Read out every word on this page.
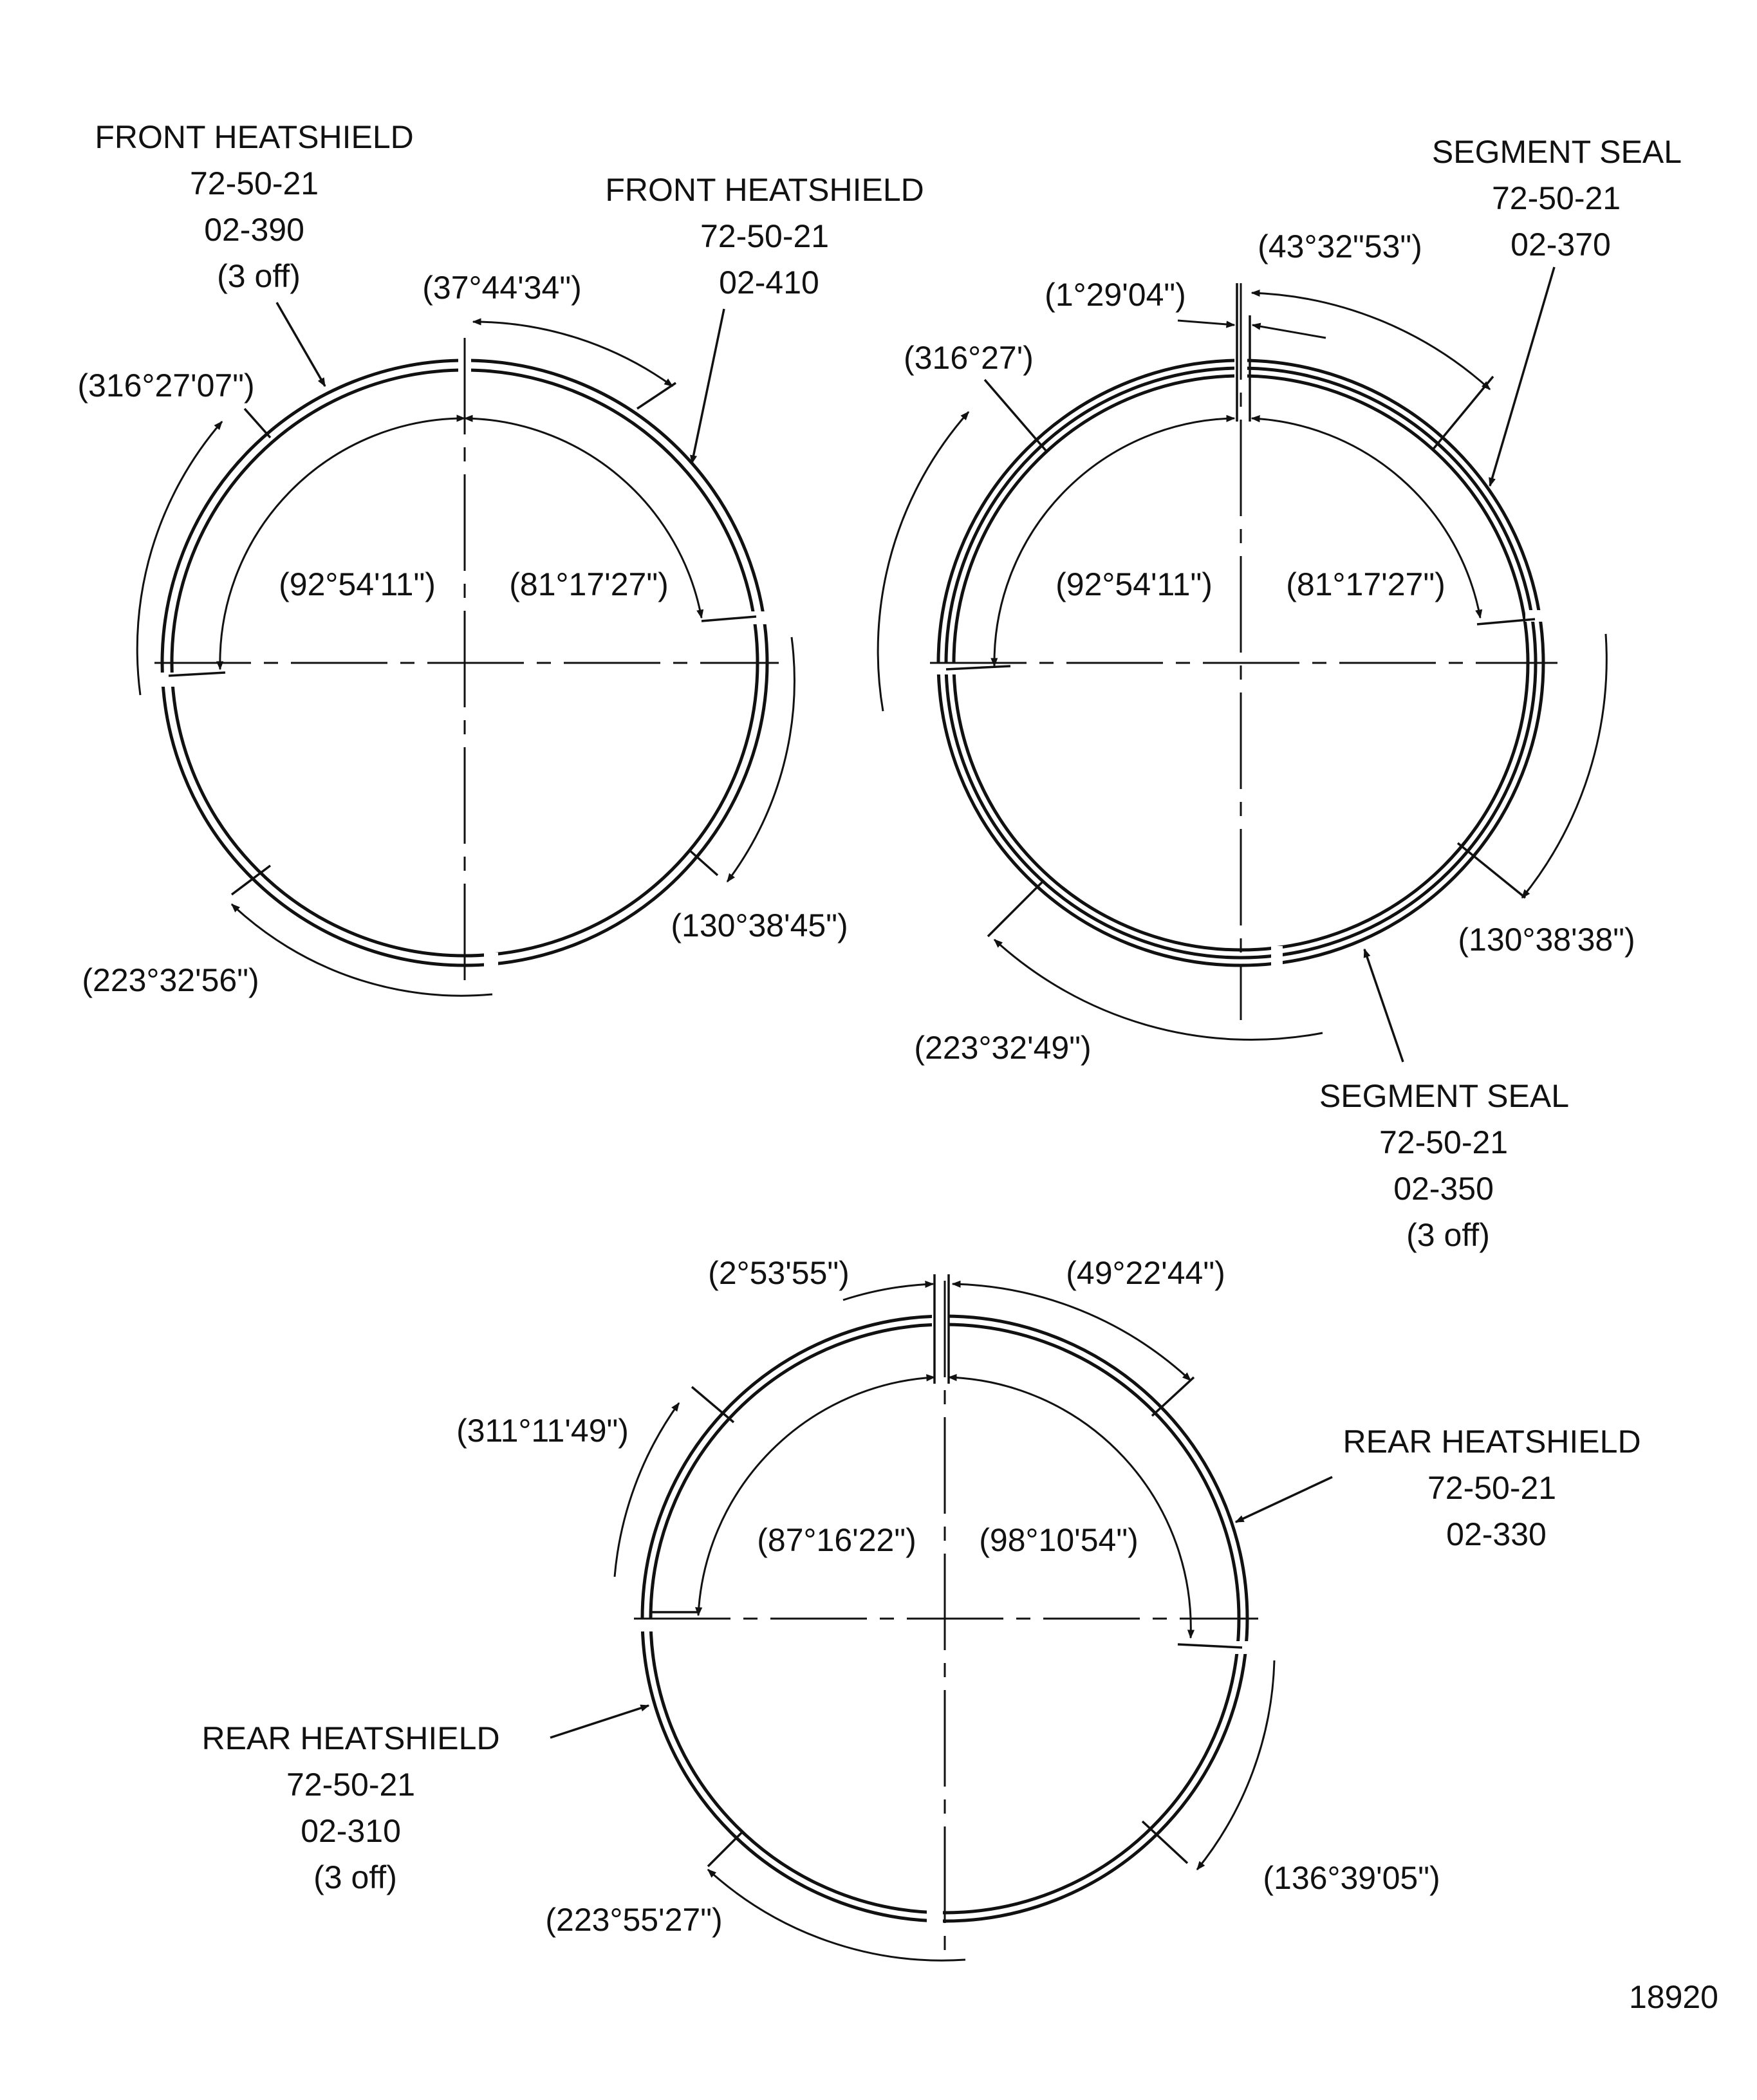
FRONT HEATSHIELD 72-50-21 02-390 (3 off)
FRONT HEATSHIELD 72-50-21 02-410
(37°44'34")
(316°27'07")
(92°54'11") (81°17'27")
(130°38'45")
(223°32'56")
SEGMENT SEAL 72-50-21 02-370
SEGMENT SEAL 72-50-21 02-350 (3 off)
(43°32"53")
(1°29'04")
(316°27')
(92°54'11") (81°17'27")
(130°38'38")
(223°32'49")
REAR HEATSHIELD 72-50-21 02-330
REAR HEATSHIELD 72-50-21 02-310 (3 off)
(2°53'55")	(49°22'44")
(311°11'49")
(87°16'22") (98°10'54")
(136°39'05")
(223°55'27")
18920
